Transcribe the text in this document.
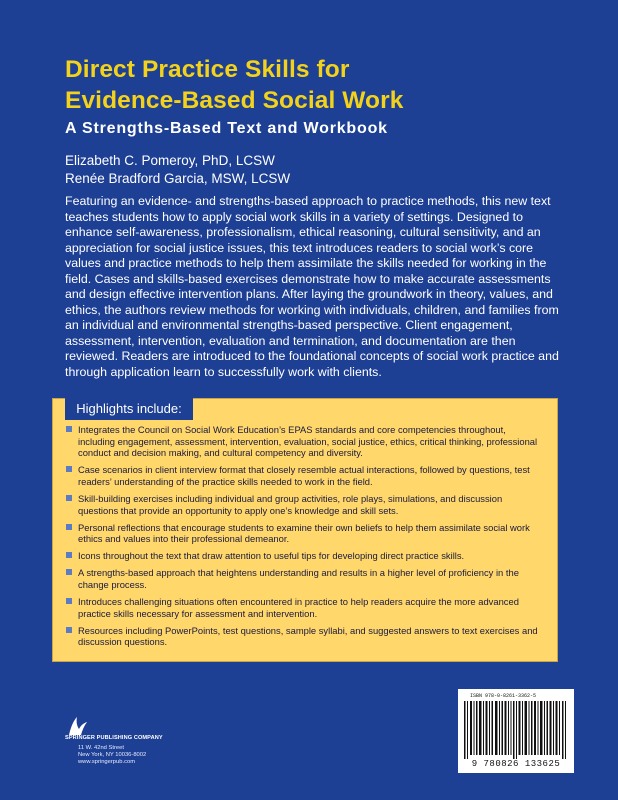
Direct Practice Skills for
Evidence-Based Social Work
A Strengths-Based Text and Workbook
Elizabeth C. Pomeroy, PhD, LCSW
Renée Bradford Garcia, MSW, LCSW
Featuring an evidence- and strengths-based approach to practice methods, this new text teaches students how to apply social work skills in a variety of settings. Designed to enhance self-awareness, professionalism, ethical reasoning, cultural sensitivity, and an appreciation for social justice issues, this text introduces readers to social work’s core values and practice methods to help them assimilate the skills needed for working in the field. Cases and skills-based exercises demonstrate how to make accurate assessments and design effective intervention plans. After laying the groundwork in theory, values, and ethics, the authors review methods for working with individuals, children, and families from an individual and environmental strengths-based perspective. Client engagement, assessment, intervention, evaluation and termination, and documentation are then reviewed. Readers are introduced to the foundational concepts of social work practice and through application learn to successfully work with clients.
Highlights include:
Integrates the Council on Social Work Education’s EPAS standards and core competencies throughout, including engagement, assessment, intervention, evaluation, social justice, ethics, critical thinking, professional conduct and decision making, and cultural competency and diversity.
Case scenarios in client interview format that closely resemble actual interactions, followed by questions, test readers’ understanding of the practice skills needed to work in the field.
Skill-building exercises including individual and group activities, role plays, simulations, and discussion questions that provide an opportunity to apply one’s knowledge and skill sets.
Personal reflections that encourage students to examine their own beliefs to help them assimilate social work ethics and values into their professional demeanor.
Icons throughout the text that draw attention to useful tips for developing direct practice skills.
A strengths-based approach that heightens understanding and results in a higher level of proficiency in the change process.
Introduces challenging situations often encountered in practice to help readers acquire the more advanced practice skills necessary for assessment and intervention.
Resources including PowerPoints, test questions, sample syllabi, and suggested answers to text exercises and discussion questions.
SPRINGER PUBLISHING COMPANY
11 W. 42nd Street
New York, NY 10036-8002
www.springerpub.com
ISBN 978-0-8261-3362-5
9 780826 133625
